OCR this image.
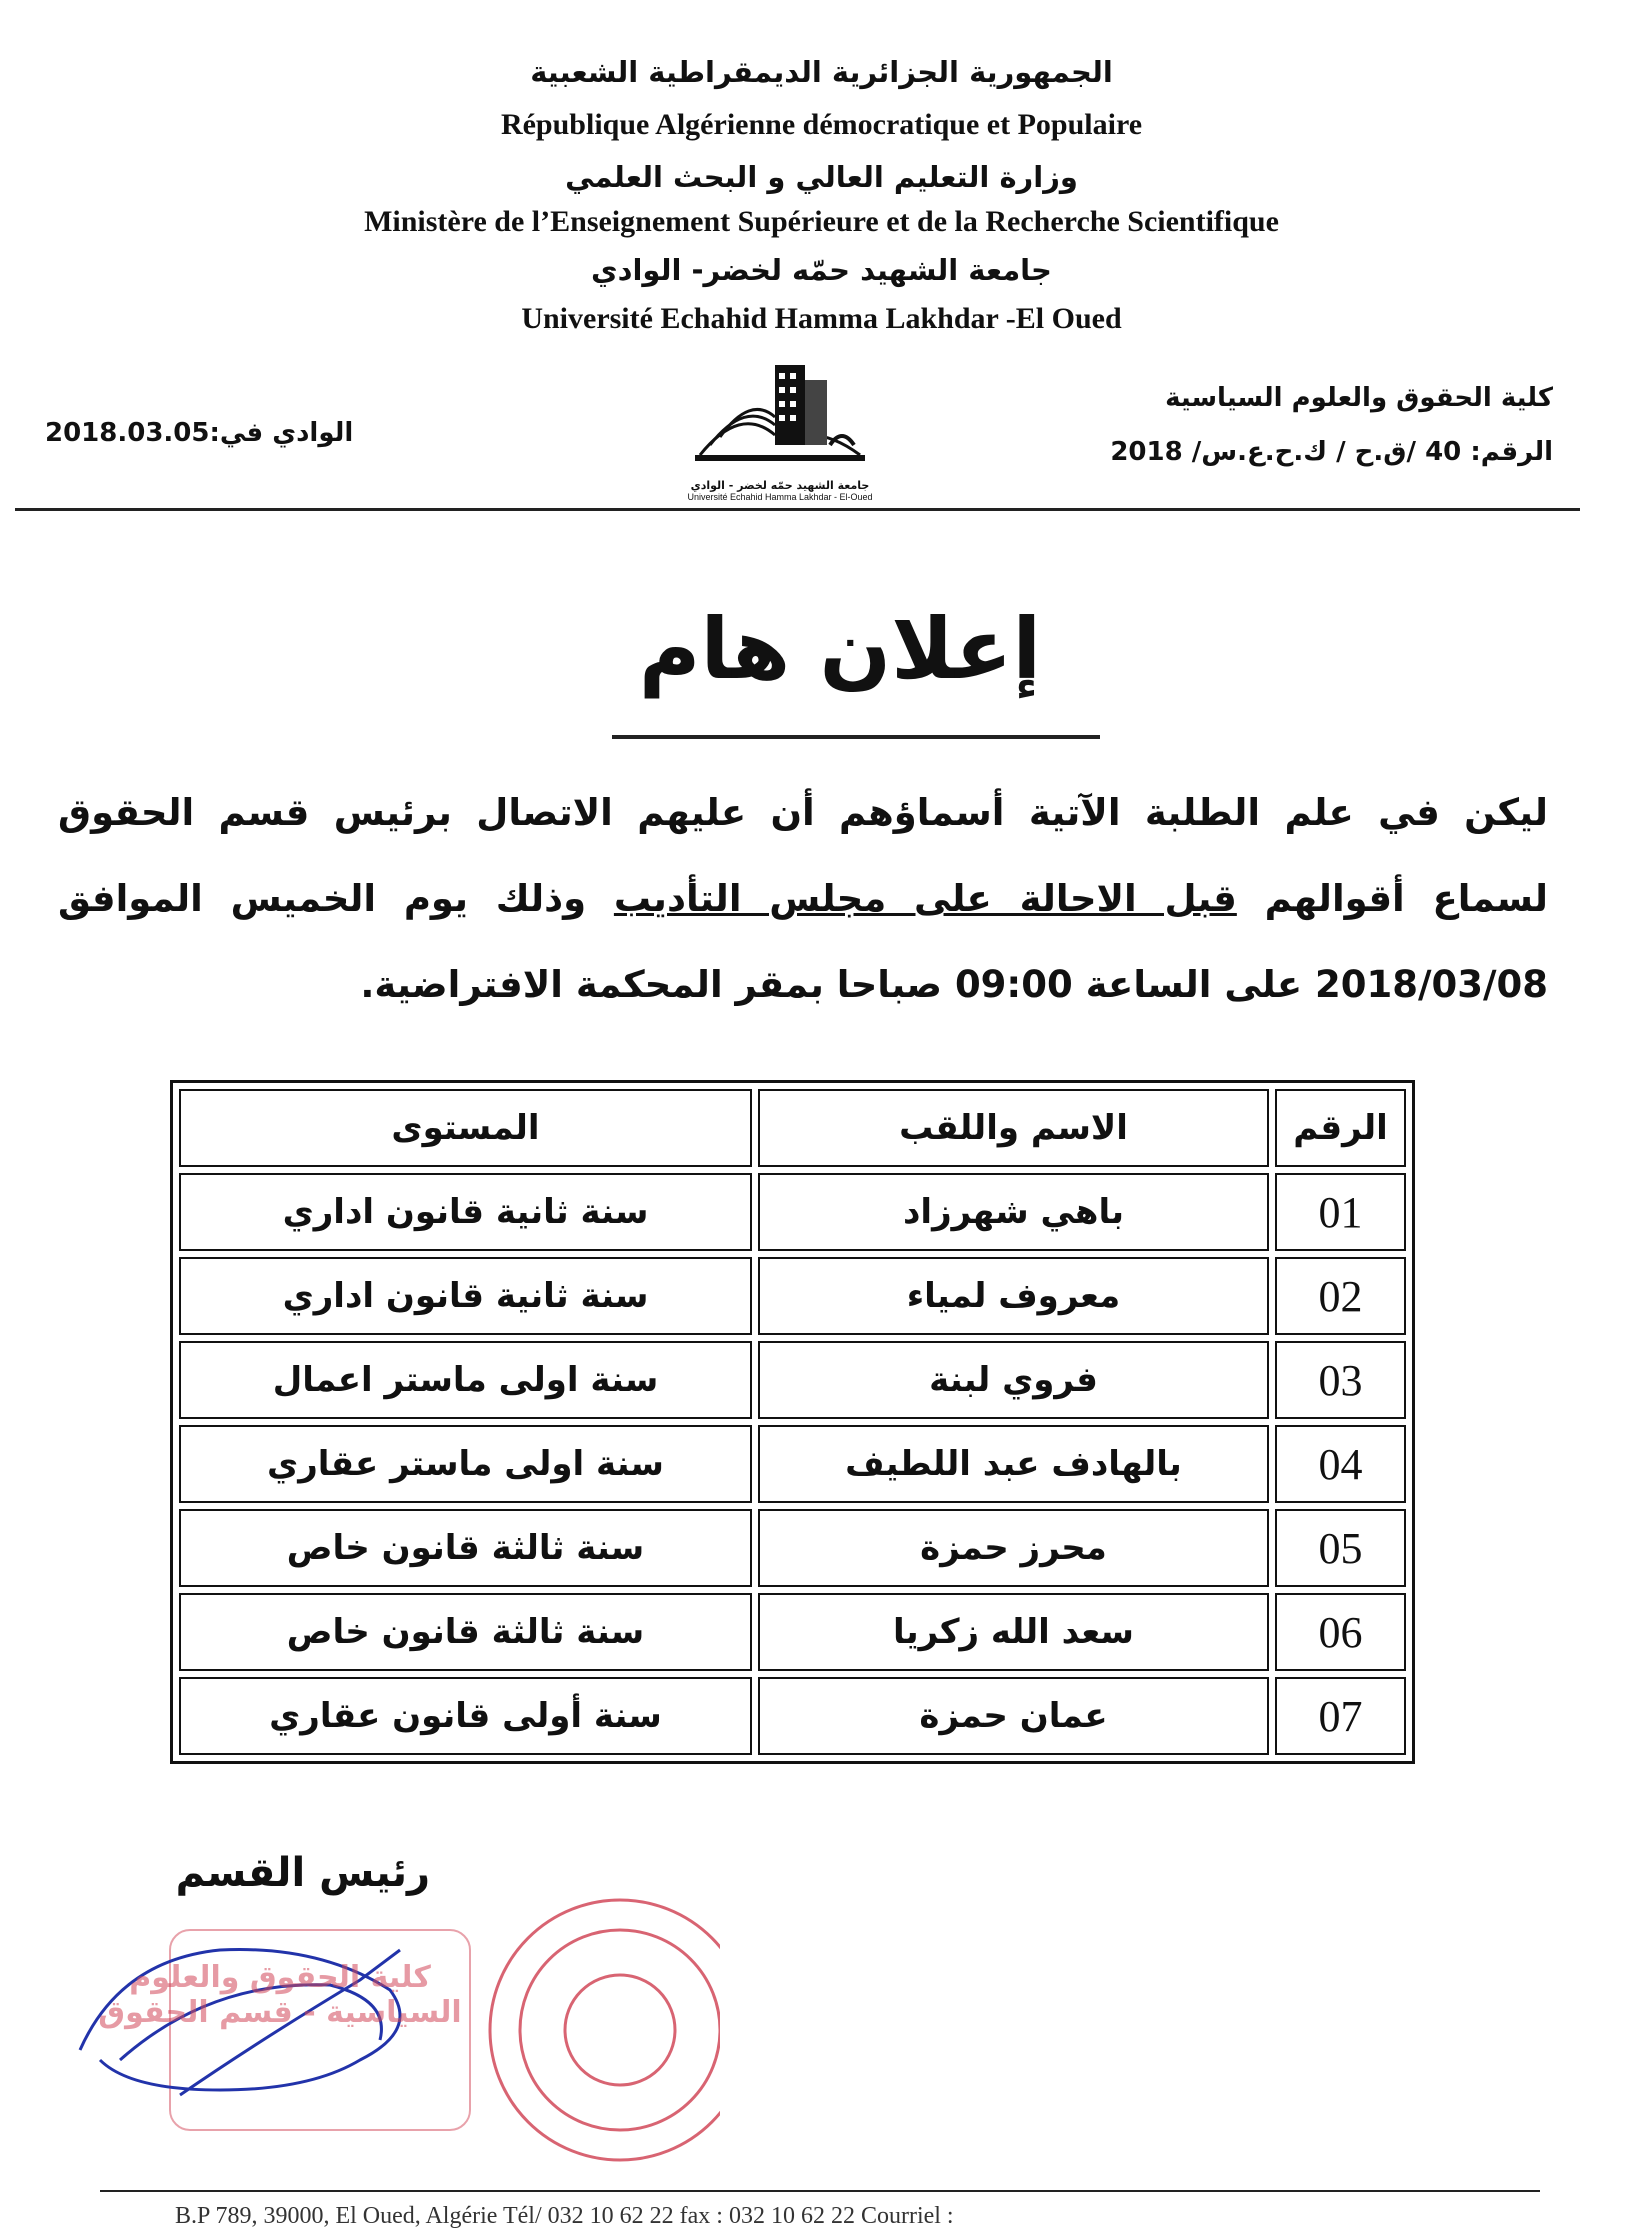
الجمهورية الجزائرية الديمقراطية الشعبية
République Algérienne démocratique et Populaire
وزارة التعليم العالي و البحث العلمي
Ministère de l’Enseignement Supérieure et de la Recherche Scientifique
جامعة الشهيد حمّه لخضر- الوادي
Université Echahid Hamma Lakhdar -El Oued
جامعة الشهيد حمّه لخضر - الوادي
Université Echahid Hamma Lakhdar - El-Oued
كلية الحقوق والعلوم السياسية
الرقم: 40 /ق.ح / ك.ح.ع.س/ 2018
الوادي في:2018.03.05
إعلان هام
ليكن في علم الطلبة الآتية أسماؤهم أن عليهم الاتصال برئيس قسم الحقوق
لسماع أقوالهم قبل الاحالة على مجلس التأديب وذلك يوم الخميس الموافق
2018/03/08 على الساعة 09:00 صباحا بمقر المحكمة الافتراضية.
الرقم	الاسم واللقب	المستوى
01	باهي شهرزاد	سنة ثانية قانون اداري
02	معروف لمياء	سنة ثانية قانون اداري
03	فروي لبنة	سنة اولى ماستر اعمال
04	بالهادف عبد اللطيف	سنة اولى ماستر عقاري
05	محرز حمزة	سنة ثالثة قانون خاص
06	سعد الله زكريا	سنة ثالثة قانون خاص
07	عمان حمزة	سنة أولى قانون عقاري
رئيس القسم
كلية الحقوق والعلوم السياسية - قسم الحقوق
B.P 789, 39000, El Oued, Algérie Tél/ 032 10 62 22 fax : 032 10 62 22 Courriel :
